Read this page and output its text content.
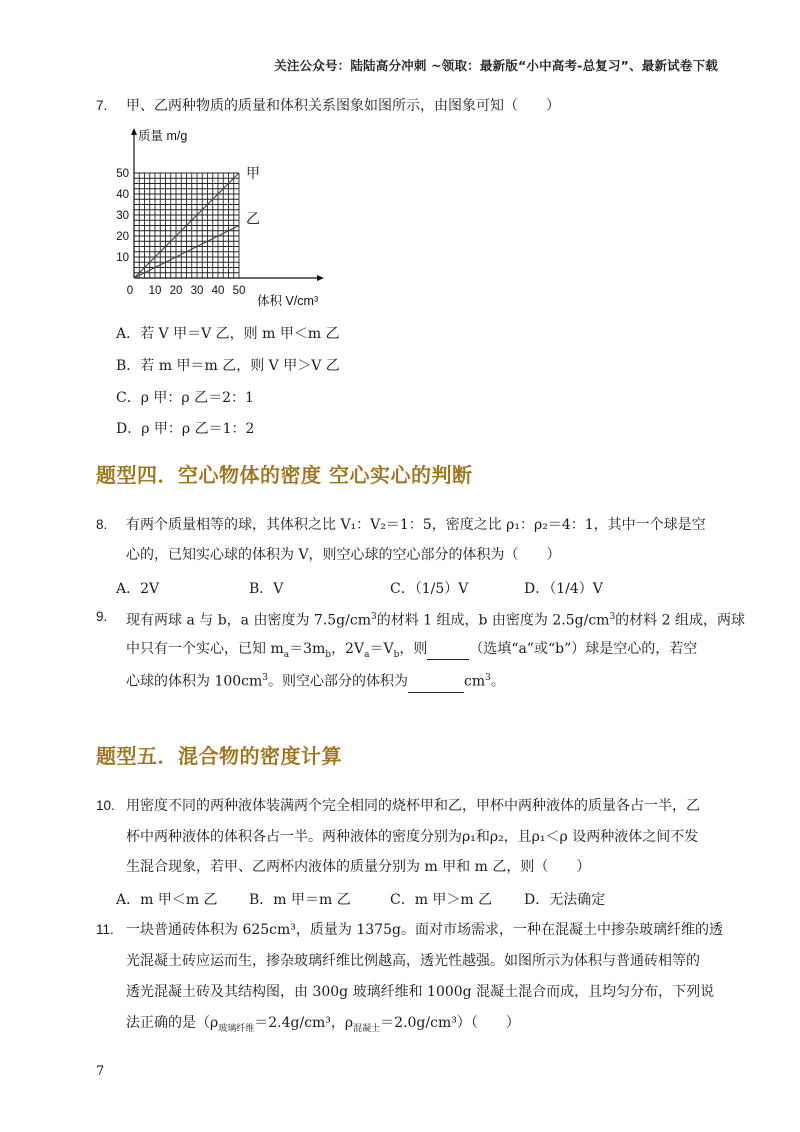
关注公众号：陆陆高分冲刺 ~领取：最新版“小中高考-总复习”、最新试卷下载
7. 甲、乙两种物质的质量和体积关系图象如图所示，由图象可知（　　）
10 20 30 40 50
10
20
30
40
50	甲
乙
质量 m/g
体积 V/cm³
0
A．若 V 甲＝V 乙，则 m 甲＜m 乙
B．若 m 甲＝m 乙，则 V 甲＞V 乙
C．ρ 甲：ρ 乙＝2：1
D．ρ 甲：ρ 乙＝1：2
题型四．空心物体的密度 空心实心的判断
8. 有两个质量相等的球，其体积之比 V₁：V₂＝1：5，密度之比 ρ₁：ρ₂＝4：1，其中一个球是空
心的，已知实心球的体积为 V，则空心球的空心部分的体积为（　　）
A．2V	B．V	C．（1/5）V	D．（1/4）V
9. 现有两球 a 与 b，a 由密度为 $7.5g/cm^3$的材料 1 组成，b 由密度为 $2.5g/cm^3$的材料 2 组成，两球
中只有一个实心，已知 $m_a=3m_b$，$2V_a=V_b$，则	（选填“a”或“b”）球是空心的，若空
心球的体积为 $100cm^3$。则空心部分的体积为	$cm^3$。
题型五．混合物的密度计算
10. 用密度不同的两种液体装满两个完全相同的烧杯甲和乙，甲杯中两种液体的质量各占一半，乙
杯中两种液体的体积各占一半。两种液体的密度分别为ρ₁和ρ₂，且ρ₁＜ρ 设两种液体之间不发
生混合现象，若甲、乙两杯内液体的质量分别为 m 甲和 m 乙，则（　　）
A．m 甲＜m 乙 B．m 甲＝m 乙	C．m 甲＞m 乙 D．无法确定
11. 一块普通砖体积为 625cm³，质量为 1375g。面对市场需求，一种在混凝土中掺杂玻璃纤维的透
光混凝土砖应运而生，掺杂玻璃纤维比例越高，透光性越强。如图所示为体积与普通砖相等的
透光混凝土砖及其结构图，由 300g 玻璃纤维和 1000g 混凝土混合而成，且均匀分布，下列说
法正确的是（$\rho_{玻璃纤维}=2.4g$/cm³，$\rho_{混凝土}=2.0g/cm^3$）（　　）
7
